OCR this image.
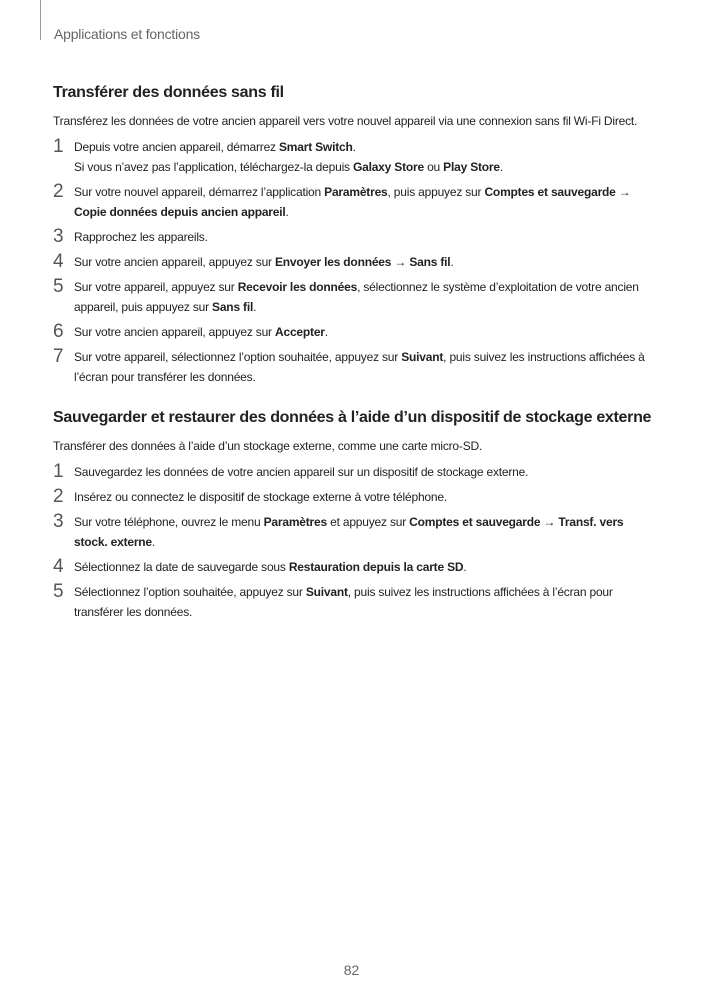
Applications et fonctions
Transférer des données sans fil

Transférez les données de votre ancien appareil vers votre nouvel appareil via une connexion sans fil Wi-Fi Direct.

1 Depuis votre ancien appareil, démarrez Smart Switch.

Si vous n’avez pas l’application, téléchargez-la depuis Galaxy Store ou Play Store.

2 Sur votre nouvel appareil, démarrez l’application Paramètres, puis appuyez sur Comptes et sauvegarde → Copie données depuis ancien appareil.

3 Rapprochez les appareils.

4 Sur votre ancien appareil, appuyez sur Envoyer les données → Sans fil.

5 Sur votre appareil, appuyez sur Recevoir les données, sélectionnez le système d’exploitation de votre ancien appareil, puis appuyez sur Sans fil.

6 Sur votre ancien appareil, appuyez sur Accepter.

7 Sur votre appareil, sélectionnez l’option souhaitée, appuyez sur Suivant, puis suivez les instructions affichées à l’écran pour transférer les données.

Sauvegarder et restaurer des données à l’aide d’un dispositif de stockage externe

Transférer des données à l’aide d’un stockage externe, comme une carte micro-SD.

1 Sauvegardez les données de votre ancien appareil sur un dispositif de stockage externe.

2 Insérez ou connectez le dispositif de stockage externe à votre téléphone.

3 Sur votre téléphone, ouvrez le menu Paramètres et appuyez sur Comptes et sauvegarde → Transf. vers stock. externe.

4 Sélectionnez la date de sauvegarde sous Restauration depuis la carte SD.

5 Sélectionnez l’option souhaitée, appuyez sur Suivant, puis suivez les instructions affichées à l’écran pour transférer les données.

82
